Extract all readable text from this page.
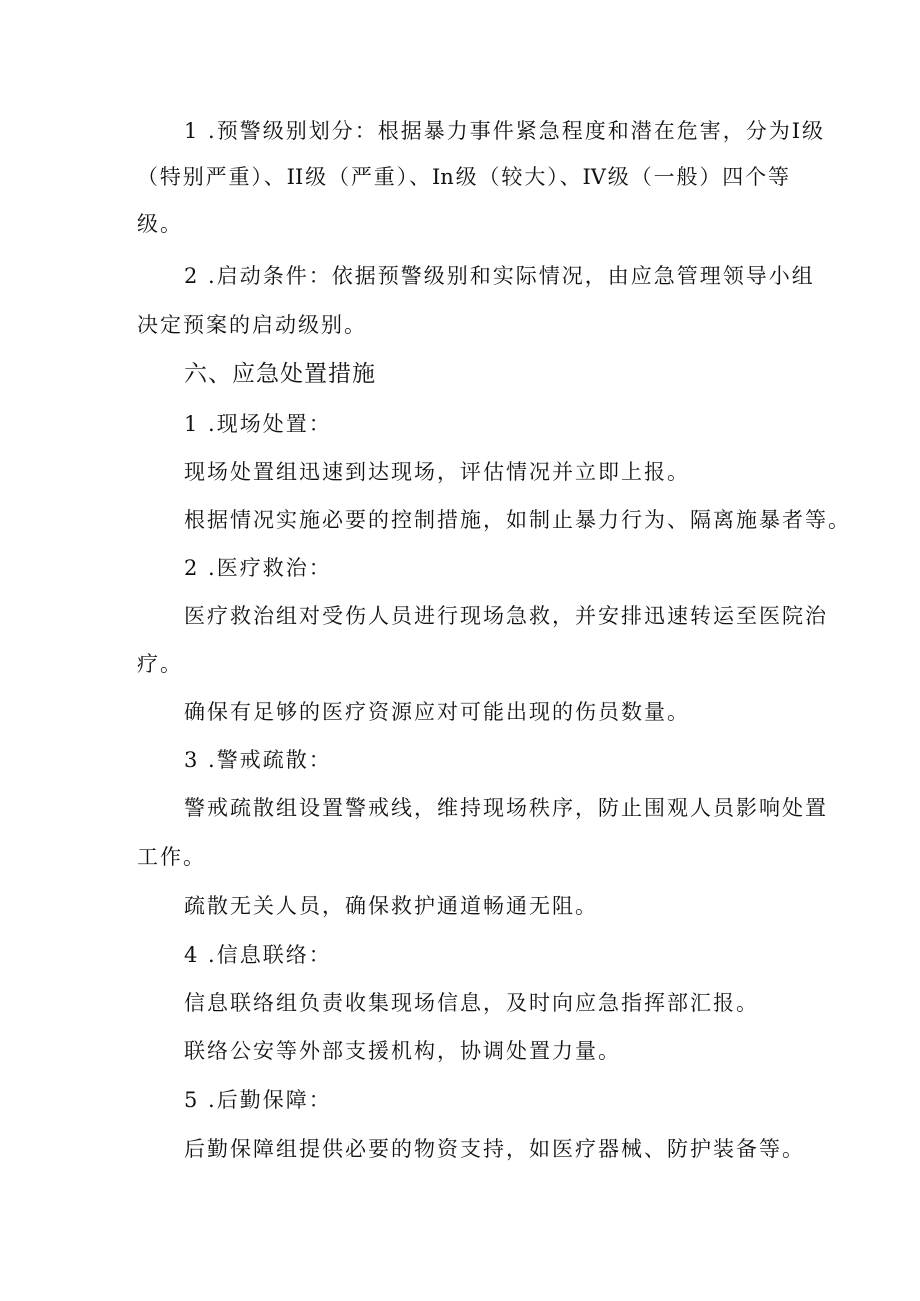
1 .预警级别划分：根据暴力事件紧急程度和潜在危害，分为I级
（特别严重）、II级（严重）、In级（较大）、IV级（一般）四个等
级。
2 .启动条件：依据预警级别和实际情况，由应急管理领导小组
决定预案的启动级别。
六、应急处置措施
1 .现场处置：
现场处置组迅速到达现场，评估情况并立即上报。
根据情况实施必要的控制措施，如制止暴力行为、隔离施暴者等。
2 .医疗救治：
医疗救治组对受伤人员进行现场急救，并安排迅速转运至医院治
疗。
确保有足够的医疗资源应对可能出现的伤员数量。
3 .警戒疏散：
警戒疏散组设置警戒线，维持现场秩序，防止围观人员影响处置
工作。
疏散无关人员，确保救护通道畅通无阻。
4 .信息联络：
信息联络组负责收集现场信息，及时向应急指挥部汇报。
联络公安等外部支援机构，协调处置力量。
5 .后勤保障：
后勤保障组提供必要的物资支持，如医疗器械、防护装备等。
